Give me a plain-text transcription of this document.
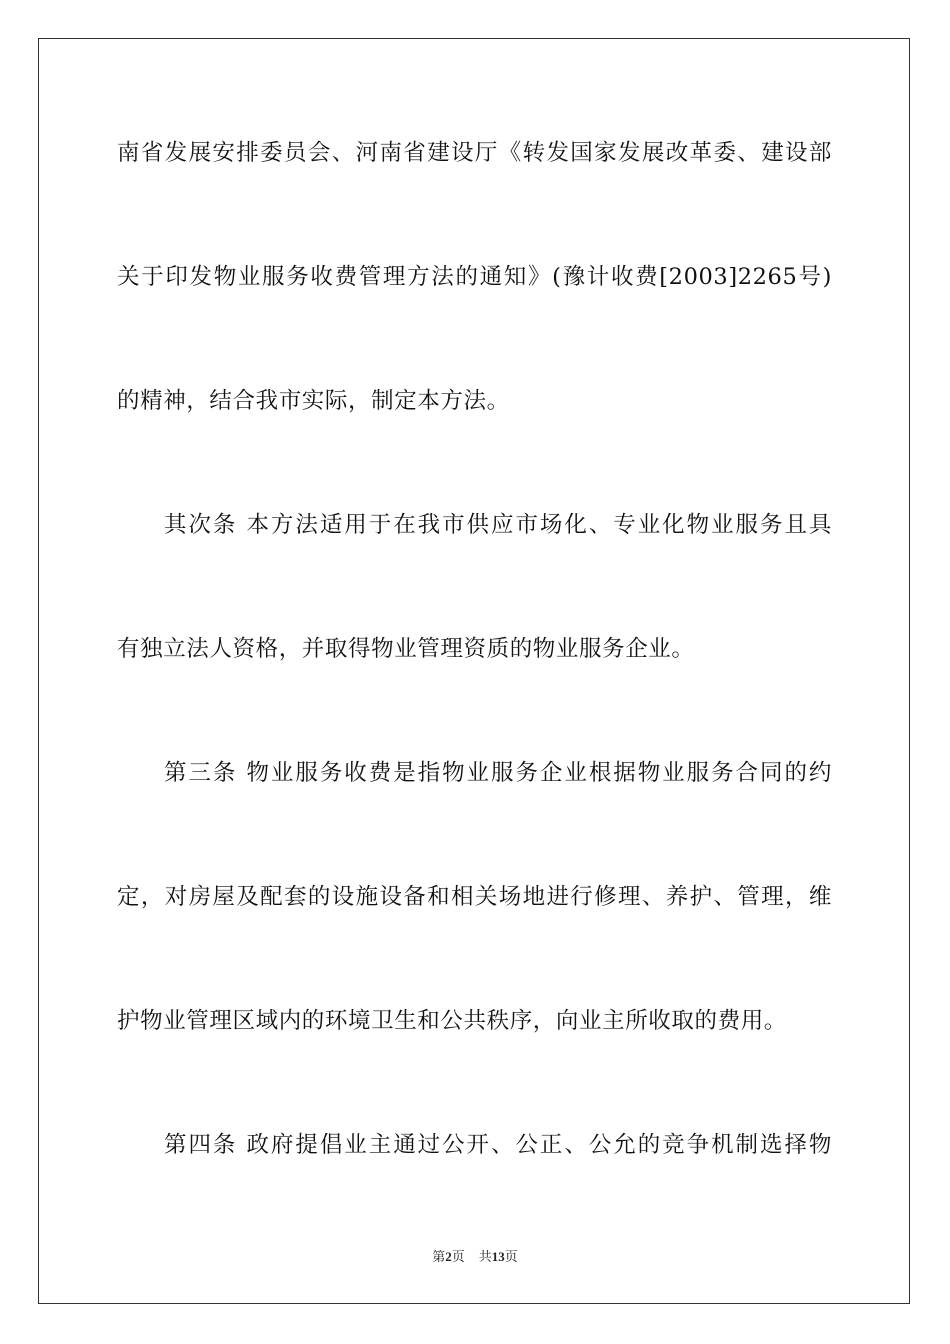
南省发展安排委员会、河南省建设厅《转发国家发展改革委、建设部
关于印发物业服务收费管理方法的通知》(豫计收费[2003]2265号)
的精神，结合我市实际，制定本方法。
其次条 本方法适用于在我市供应市场化、专业化物业服务且具
有独立法人资格，并取得物业管理资质的物业服务企业。
第三条 物业服务收费是指物业服务企业根据物业服务合同的约
定，对房屋及配套的设施设备和相关场地进行修理、养护、管理，维
护物业管理区域内的环境卫生和公共秩序，向业主所收取的费用。
第四条 政府提倡业主通过公开、公正、公允的竞争机制选择物
第2页 共13页
